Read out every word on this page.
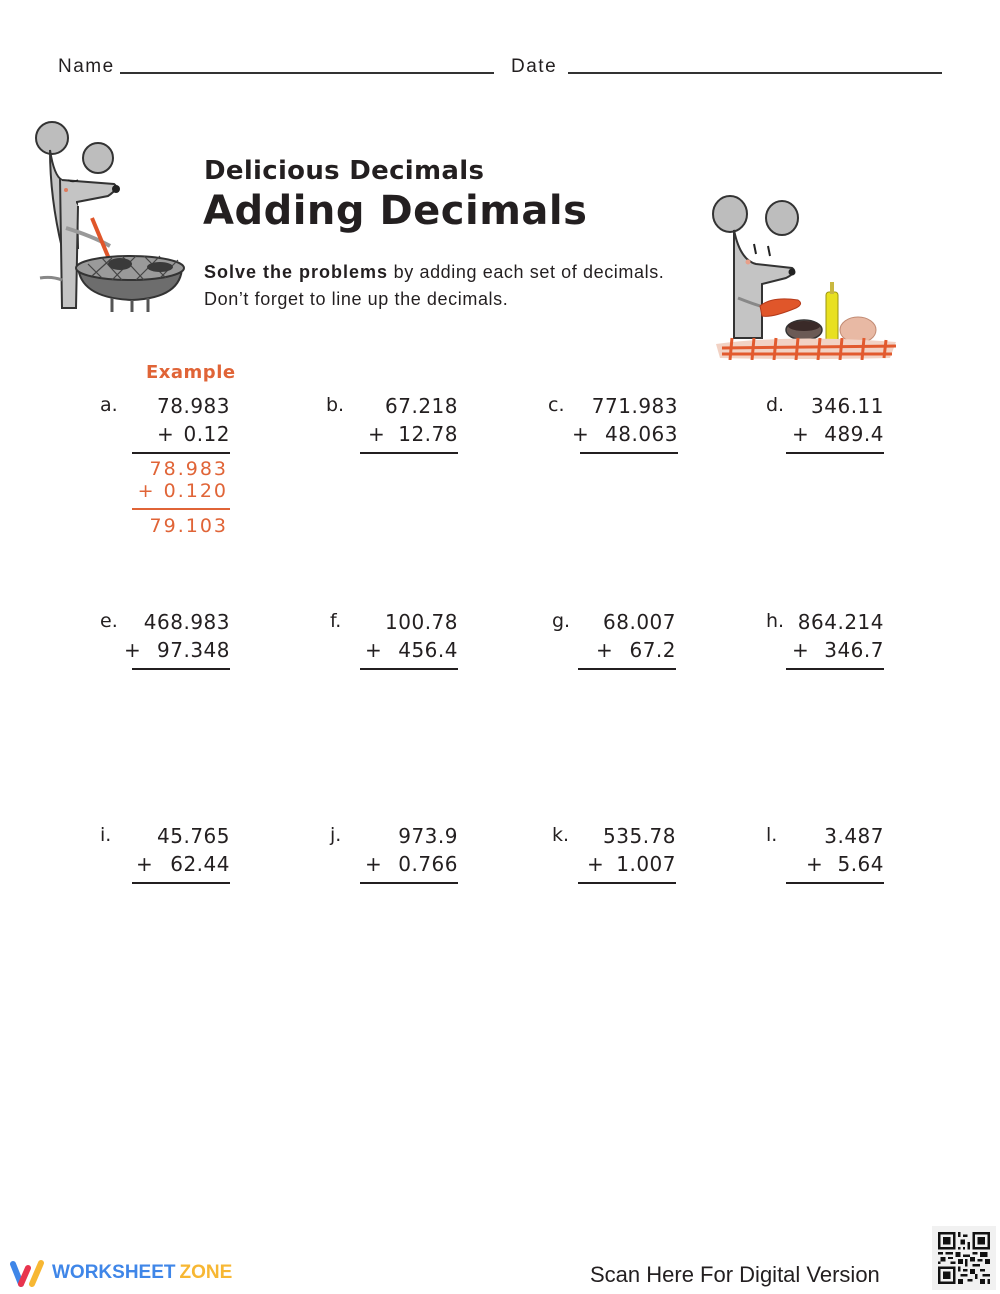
Name	Date
Delicious Decimals
Adding Decimals
Solve the problems by adding each set of decimals.
Don’t forget to line up the decimals.
Example
a. 78.983
+ 0.12
b. 67.218
+ 12.78
c. 771.983
+ 48.063
d. 346.11
+ 489.4
78.983
+ 0.120
79.103
e. 468.983
+ 97.348
f. 100.78
+ 456.4
g. 68.007
+ 67.2
h. 864.214
+ 346.7
i. 45.765
+ 62.44
j.	973.9
+ 0.766
k. 535.78
+ 1.007
l. 3.487
+ 5.64
WORKSHEET ZONE	Scan Here For Digital Version
